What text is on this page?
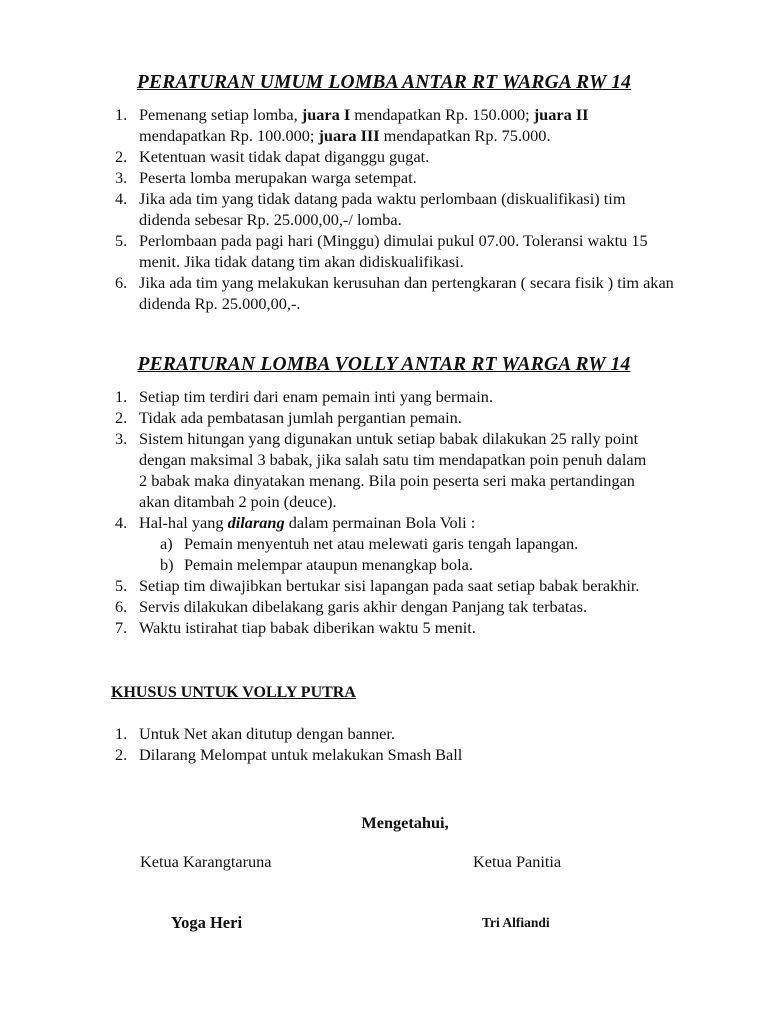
PERATURAN UMUM LOMBA ANTAR RT WARGA RW 14
1. Pemenang setiap lomba, juara I mendapatkan Rp. 150.000; juara II mendapatkan Rp. 100.000; juara III mendapatkan Rp. 75.000.
2. Ketentuan wasit tidak dapat diganggu gugat.
3. Peserta lomba merupakan warga setempat.
4. Jika ada tim yang tidak datang pada waktu perlombaan (diskualifikasi) tim didenda sebesar Rp. 25.000,00,-/ lomba.
5. Perlombaan pada pagi hari (Minggu) dimulai pukul 07.00. Toleransi waktu 15 menit. Jika tidak datang tim akan didiskualifikasi.
6. Jika ada tim yang melakukan kerusuhan dan pertengkaran ( secara fisik ) tim akan didenda Rp. 25.000,00,-.
PERATURAN LOMBA VOLLY ANTAR RT WARGA RW 14
1. Setiap tim terdiri dari enam pemain inti yang bermain.
2. Tidak ada pembatasan jumlah pergantian pemain.
3. Sistem hitungan yang digunakan untuk setiap babak dilakukan 25 rally point dengan maksimal 3 babak, jika salah satu tim mendapatkan poin penuh dalam 2 babak maka dinyatakan menang. Bila poin peserta seri maka pertandingan akan ditambah 2 poin (deuce).
4. Hal-hal yang dilarang dalam permainan Bola Voli :
a) Pemain menyentuh net atau melewati garis tengah lapangan.
b) Pemain melempar ataupun menangkap bola.
5. Setiap tim diwajibkan bertukar sisi lapangan pada saat setiap babak berakhir.
6. Servis dilakukan dibelakang garis akhir dengan Panjang tak terbatas.
7. Waktu istirahat tiap babak diberikan waktu 5 menit.
KHUSUS UNTUK VOLLY PUTRA
1. Untuk Net akan ditutup dengan banner.
2. Dilarang Melompat untuk melakukan Smash Ball
Mengetahui,
Ketua Karangtaruna	Ketua Panitia
Yoga Heri	Tri Alfiandi
